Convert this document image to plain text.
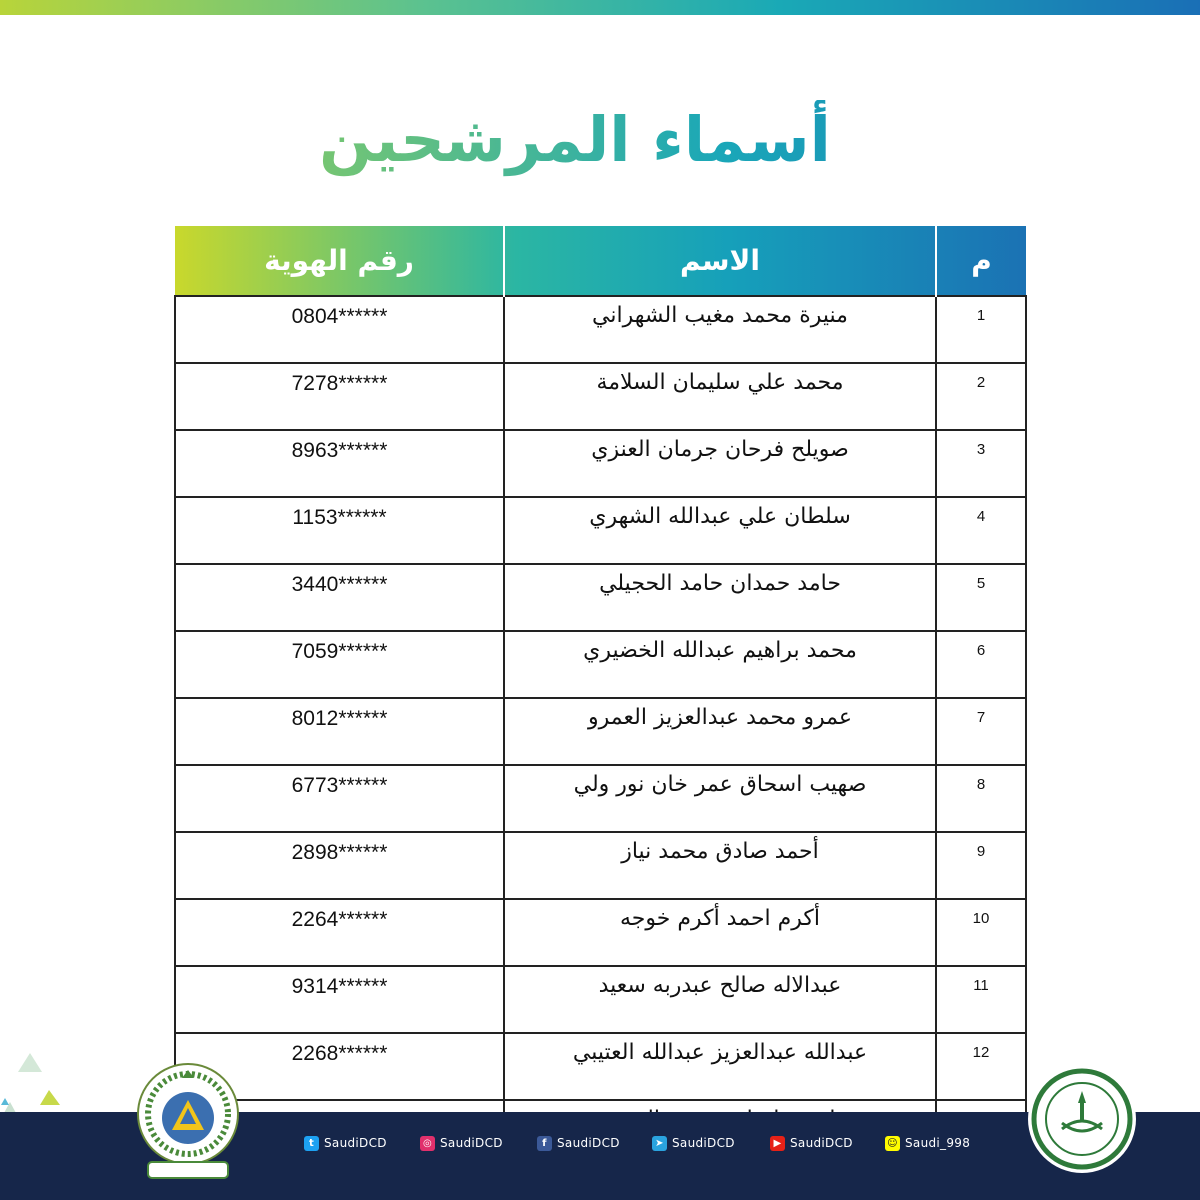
أسماء المرشحين
م	الاسم	رقم الهوية
1	منيرة محمد مغيب الشهراني	0804******
2	محمد علي سليمان السلامة	7278******
3	صويلح فرحان جرمان العنزي	8963******
4	سلطان علي عبدالله الشهري	1153******
5	حامد حمدان حامد الحجيلي	3440******
6	محمد براهيم عبدالله الخضيري	7059******
7	عمرو محمد عبدالعزيز العمرو	8012******
8	صهيب اسحاق عمر خان نور ولي	6773******
9	أحمد صادق محمد نياز	2898******
10	أكرم احمد أكرم خوجه	2264******
11	عبدالاله صالح عبدربه سعيد	9314******
12	عبدالله عبدالعزيز عبدالله العتيبي	2268******

t SaudiDCD	◎ SaudiDCD	f SaudiDCD	➤ SaudiDCD	▶ SaudiDCD	☺ Saudi_998
